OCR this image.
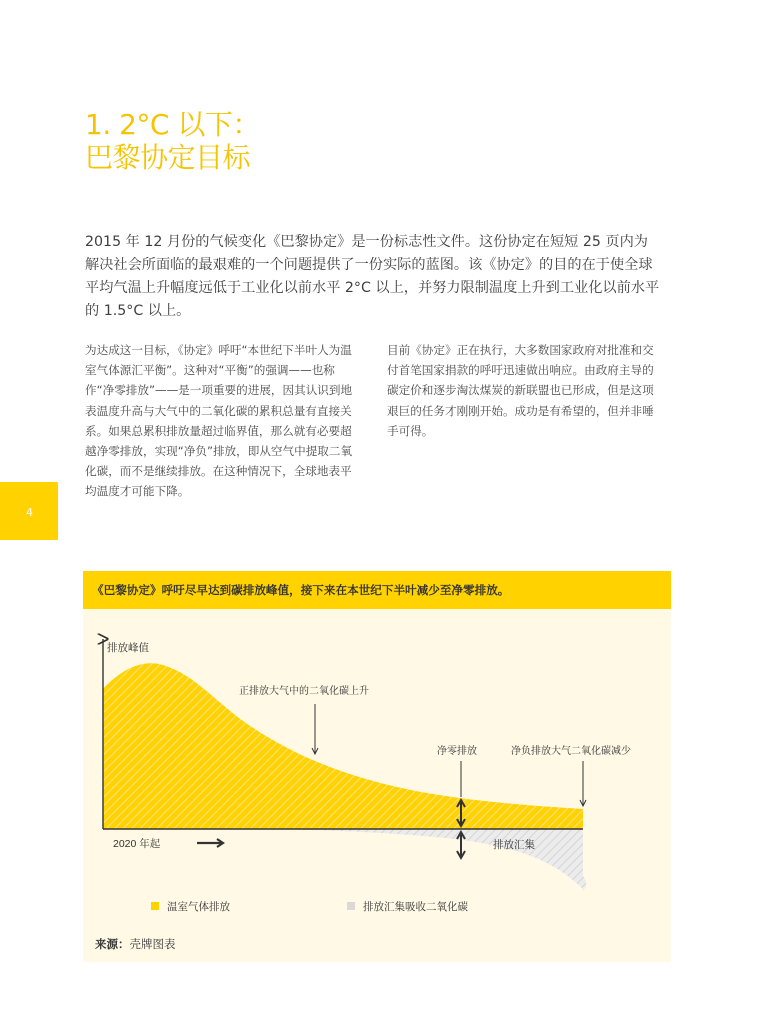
4
1. 2°C 以下：
巴黎协定目标

2015 年 12 月份的气候变化《巴黎协定》是一份标志性文件。这份协定在短短 25 页内为解决社会所面临的最艰难的一个问题提供了一份实际的蓝图。该《协定》的目的在于使全球平均气温上升幅度远低于工业化以前水平 2°C 以上，并努力限制温度上升到工业化以前水平的 1.5°C 以上。

为达成这一目标，《协定》呼吁“本世纪下半叶人为温室气体源汇平衡”。这种对“平衡”的强调——也称作“净零排放”——是一项重要的进展，因其认识到地表温度升高与大气中的二氧化碳的累积总量有直接关系。如果总累积排放量超过临界值，那么就有必要超越净零排放，实现“净负”排放，即从空气中提取二氧化碳，而不是继续排放。在这种情况下，全球地表平均温度才可能下降。

目前《协定》正在执行，大多数国家政府对批准和交付首笔国家捐款的呼吁迅速做出响应。由政府主导的碳定价和逐步淘汰煤炭的新联盟也已形成，但是这项艰巨的任务才刚刚开始。成功是有希望的，但并非唾手可得。

《巴黎协定》呼吁尽早达到碳排放峰值，接下来在本世纪下半叶减少至净零排放。
排放峰值
正排放大气中的二氧化碳上升
净零排放	净负排放大气二氧化碳减少
2020 年起	排放汇集
温室气体排放	排放汇集吸收二氧化碳
来源：壳牌图表
